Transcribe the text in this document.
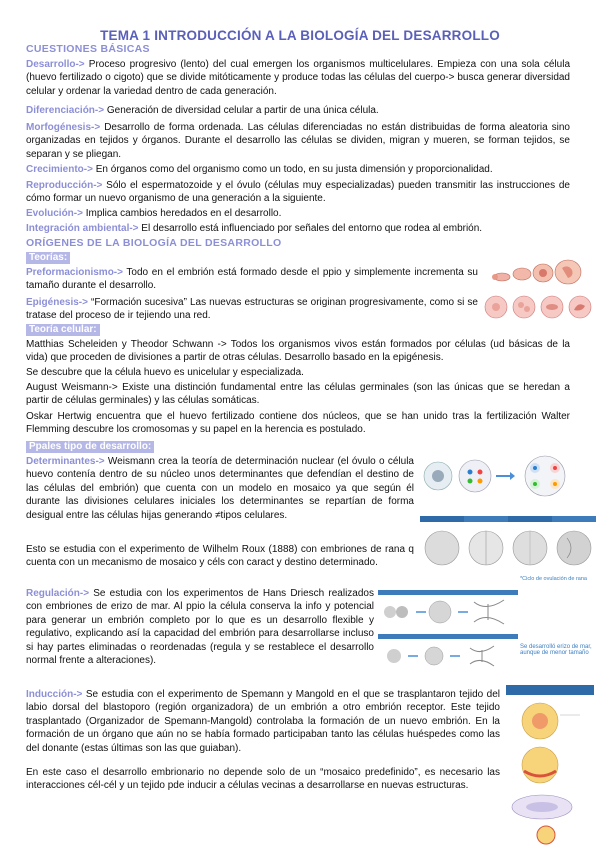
TEMA 1 INTRODUCCIÓN A LA BIOLOGÍA DEL DESARROLLO
CUESTIONES BÁSICAS
Desarrollo-> Proceso progresivo (lento) del cual emergen los organismos multicelulares. Empieza con una sola célula (huevo fertilizado o cigoto) que se divide mitóticamente y produce todas las células del cuerpo-> busca generar diversidad celular y ordenar la variedad dentro de cada generación.
Diferenciación-> Generación de diversidad celular a partir de una única célula.
Morfogénesis-> Desarrollo de forma ordenada. Las células diferenciadas no están distribuidas de forma aleatoria sino organizadas en tejidos y órganos. Durante el desarrollo las células se dividen, migran y mueren, se forman tejidos, se separan y se pliegan.
Crecimiento-> En órganos como del organismo como un todo, en su justa dimensión y proporcionalidad.
Reproducción-> Sólo el espermatozoide y el óvulo (células muy especializadas) pueden transmitir las instrucciones de cómo formar un nuevo organismo de una generación a la siguiente.
Evolución-> Implica cambios heredados en el desarrollo.
Integración ambiental-> El desarrollo está influenciado por señales del entorno que rodea al embrión.
ORÍGENES DE LA BIOLOGÍA DEL DESARROLLO
Teorías:
Preformacionismo-> Todo en el embrión está formado desde el ppio y simplemente incrementa su tamaño durante el desarrollo.
Epigénesis-> “Formación sucesiva” Las nuevas estructuras se originan progresivamente, como si se tratase del proceso de ir tejiendo una red.
Teoría celular:
Matthias Scheleiden y Theodor Schwann -> Todos los organismos vivos están formados por células (ud básicas de la vida) que proceden de divisiones a partir de otras células. Desarrollo basado en la epigénesis.
Se descubre que la célula huevo es unicelular y especializada.
August Weismann-> Existe una distinción fundamental entre las células germinales (son las únicas que se heredan a partir de células germinales) y las células somáticas.
Oskar Hertwig encuentra que el huevo fertilizado contiene dos núcleos, que se han unido tras la fertilización Walter Flemming descubre los cromosomas y su papel en la herencia es postulado.
Ppales tipo de desarrollo:
Determinantes-> Weismann crea la teoría de determinación nuclear (el óvulo o célula huevo contenía dentro de su núcleo unos determinantes que defendían el destino de las células del embrión) que cuenta con un modelo en mosaico ya que según él durante las divisiones celulares iniciales los determinantes se repartían de forma desigual entre las células hijas generando ≠tipos celulares.
Esto se estudia con el experimento de Wilhelm Roux (1888) con embriones de rana q cuenta con un mecanismo de mosaico y céls con caract y destino determinado.
Regulación-> Se estudia con los experimentos de Hans Driesch realizados con embriones de erizo de mar. Al ppio la célula conserva la info y potencial para generar un embrión completo por lo que es un desarrollo flexible y regulativo, explicando así la capacidad del embrión para desarrollarse incluso si hay partes eliminadas o reordenadas (regula y se restablece el desarrollo normal frente a alteraciones).
Inducción-> Se estudia con el experimento de Spemann y Mangold en el que se trasplantaron tejido del labio dorsal del blastoporo (región organizadora) de un embrión a otro embrión receptor. Este tejido trasplantado (Organizador de Spemann-Mangold) controlaba la formación de un nuevo embrión. En la formación de un órgano que aún no se había formado participaban tanto las células huéspedes como las del donante (estas últimas son las que guiaban).
En este caso el desarrollo embrionario no depende solo de un “mosaico predefinido”, es necesario las interacciones cél-cél y un tejido pde inducir a células vecinas a desarrollarse en nuevas estructuras.
*Ciclo de ovulación de rana
Se desarrolló erizo de mar, aunque de menor tamaño
